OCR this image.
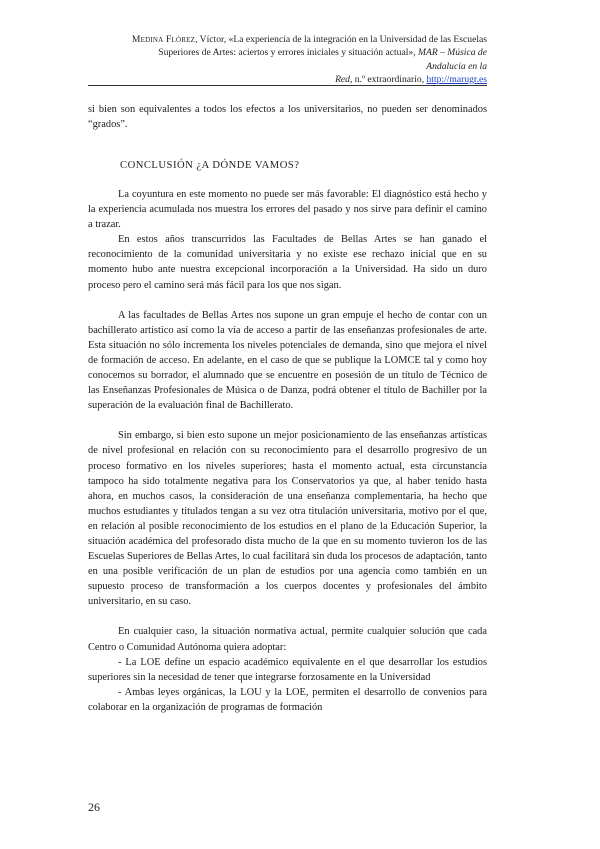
Medina Flórez, Víctor, «La experiencia de la integración en la Universidad de las Escuelas
Superiores de Artes: aciertos y errores iniciales y situación actual», MAR – Música de Andalucía en la
Red, n.º extraordinario, http://marugr.es

si bien son equivalentes a todos los efectos a los universitarios, no pueden ser denominados “grados”.

CONCLUSIÓN ¿A DÓNDE VAMOS?

La coyuntura en este momento no puede ser más favorable: El diagnóstico está hecho y la experiencia acumulada nos muestra los errores del pasado y nos sirve para definir el camino a trazar.

En estos años transcurridos las Facultades de Bellas Artes se han ganado el reconocimiento de la comunidad universitaria y no existe ese rechazo inicial que en su momento hubo ante nuestra excepcional incorporación a la Universidad. Ha sido un duro proceso pero el camino será más fácil para los que nos sigan.

A las facultades de Bellas Artes nos supone un gran empuje el hecho de contar con un bachillerato artístico así como la vía de acceso a partir de las enseñanzas profesionales de arte. Esta situación no sólo incrementa los niveles potenciales de demanda, sino que mejora el nivel de formación de acceso. En adelante, en el caso de que se publique la LOMCE tal y como hoy conocemos su borrador, el alumnado que se encuentre en posesión de un título de Técnico de las Enseñanzas Profesionales de Música o de Danza, podrá obtener el título de Bachiller por la superación de la evaluación final de Bachillerato.

Sin embargo, si bien esto supone un mejor posicionamiento de las enseñanzas artísticas de nivel profesional en relación con su reconocimiento para el desarrollo progresivo de un proceso formativo en los niveles superiores; hasta el momento actual, esta circunstancia tampoco ha sido totalmente negativa para los Conservatorios ya que, al haber tenido hasta ahora, en muchos casos, la consideración de una enseñanza complementaria, ha hecho que muchos estudiantes y titulados tengan a su vez otra titulación universitaria, motivo por el que, en relación al posible reconocimiento de los estudios en el plano de la Educación Superior, la situación académica del profesorado dista mucho de la que en su momento tuvieron los de las Escuelas Superiores de Bellas Artes, lo cual facilitará sin duda los procesos de adaptación, tanto en una posible verificación de un plan de estudios por una agencia como también en un supuesto proceso de transformación a los cuerpos docentes y profesionales del ámbito universitario, en su caso.

En cualquier caso, la situación normativa actual, permite cualquier solución que cada Centro o Comunidad Autónoma quiera adoptar:

- La LOE define un espacio académico equivalente en el que desarrollar los estudios superiores sin la necesidad de tener que integrarse forzosamente en la Universidad

- Ambas leyes orgánicas, la LOU y la LOE, permiten el desarrollo de convenios para colaborar en la organización de programas de formación

26
